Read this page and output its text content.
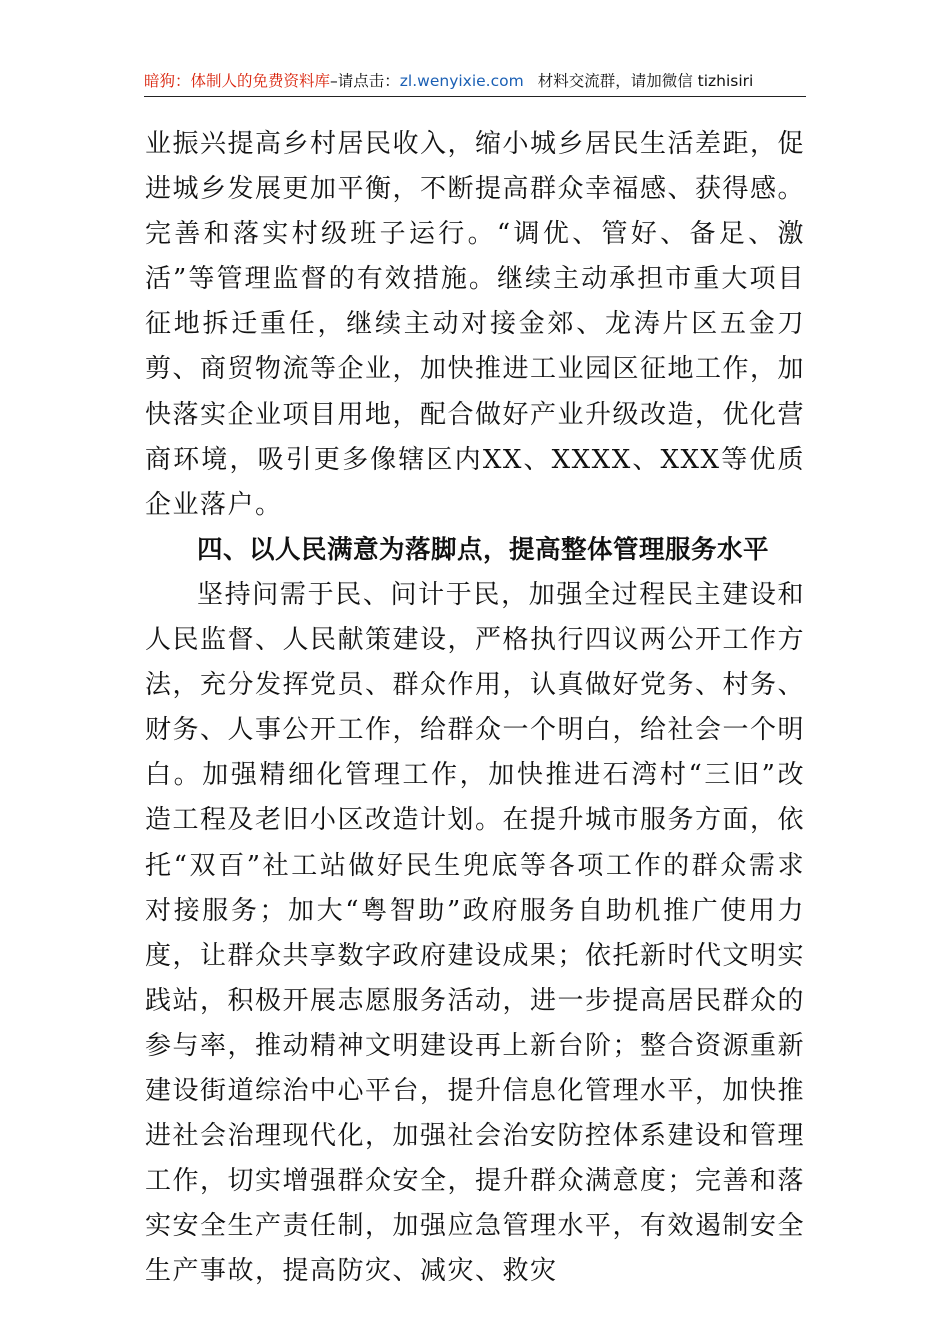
暗狗：体制人的免费资料库–请点击：zl.wenyixie.com 材料交流群，请加微信 tizhisiri

业振兴提高乡村居民收入，缩小城乡居民生活差距，促进城乡发展更加平衡，不断提高群众幸福感、获得感。完善和落实村级班子运行。“调优、管好、备足、激活”等管理监督的有效措施。继续主动承担市重大项目征地拆迁重任，继续主动对接金郊、龙涛片区五金刀剪、商贸物流等企业，加快推进工业园区征地工作，加快落实企业项目用地，配合做好产业升级改造，优化营商环境，吸引更多像辖区内XX、XXXX、XXX等优质企业落户。

四、以人民满意为落脚点，提高整体管理服务水平

坚持问需于民、问计于民，加强全过程民主建设和人民监督、人民献策建设，严格执行四议两公开工作方法，充分发挥党员、群众作用，认真做好党务、村务、财务、人事公开工作，给群众一个明白，给社会一个明白。加强精细化管理工作，加快推进石湾村“三旧”改造工程及老旧小区改造计划。在提升城市服务方面，依托“双百”社工站做好民生兜底等各项工作的群众需求对接服务；加大“粤智助”政府服务自助机推广使用力度，让群众共享数字政府建设成果；依托新时代文明实践站，积极开展志愿服务活动，进一步提高居民群众的参与率，推动精神文明建设再上新台阶；整合资源重新建设街道综治中心平台，提升信息化管理水平，加快推进社会治理现代化，加强社会治安防控体系建设和管理工作，切实增强群众安全，提升群众满意度；完善和落实安全生产责任制，加强应急管理水平，有效遏制安全生产事故，提高防灾、减灾、救灾
